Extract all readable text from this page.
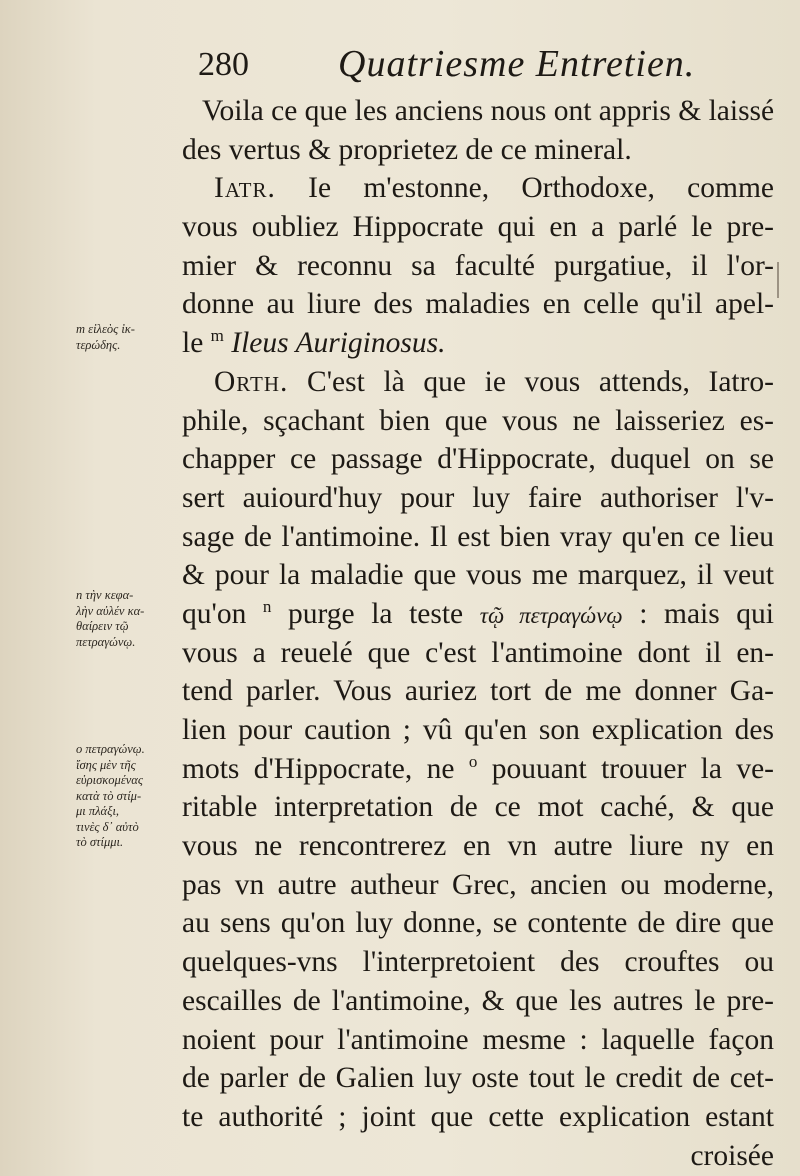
280 Quatriesme Entretien.
Voila ce que les anciens nous ont appris & laissé
des vertus & proprietez de ce mineral.
Iatr. Ie m'estonne, Orthodoxe, comme
vous oubliez Hippocrate qui en a parlé le pre-
mier & reconnu sa faculté purgatiue, il l'or-
donne au liure des maladies en celle qu'il apel-
le $^m$ Ileus Auriginosus.
Orth. C'est là que ie vous attends, Iatro-
phile, sçachant bien que vous ne laisseriez es-
chapper ce passage d'Hippocrate, duquel on se
sert auiourd'huy pour luy faire authoriser l'v-
sage de l'antimoine. Il est bien vray qu'en ce lieu
& pour la maladie que vous me marquez, il veut
qu'on $^n$ purge la teste τῷ πετραγώνῳ : mais qui
vous a reuelé que c'est l'antimoine dont il en-
tend parler. Vous auriez tort de me donner Ga-
lien pour caution ; vû qu'en son explication des
mots d'Hippocrate, ne $^o$ pouuant trouuer la ve-
ritable interpretation de ce mot caché, & que
vous ne rencontrerez en vn autre liure ny en
pas vn autre autheur Grec, ancien ou moderne,
au sens qu'on luy donne, se contente de dire que
quelques-vns l'interpretoient des crouftes ou
escailles de l'antimoine, & que les autres le pre-
noient pour l'antimoine mesme : laquelle façon
de parler de Galien luy oste tout le credit de cet-
te authorité ; joint que cette explication estant
croisée
m εἰλεὸς ἰκ-
τερώδης.
n τὴν κεφα-
λὴν αὐλέν κα-
θαίρειν τῷ
πετραγώνῳ.
o πετραγώνῳ.
ἴσης μὲν τῆς
εὑρισκομένας
κατὰ τὸ στίμ-
μι πλάξι,
τινὲς δ᾽ αὐτὸ
τὸ στίμμι.
